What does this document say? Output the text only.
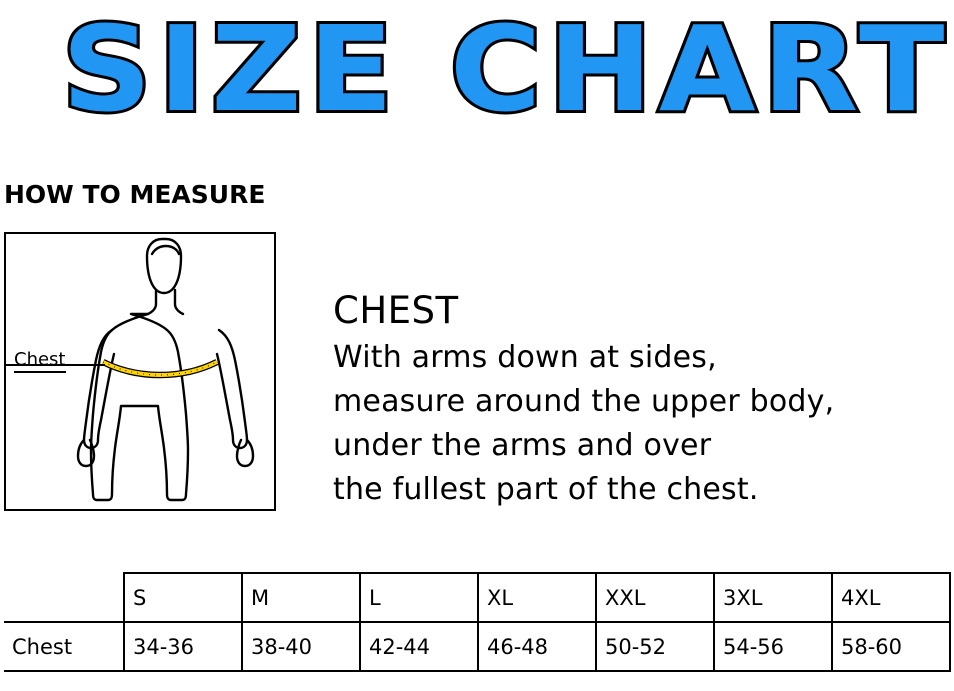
SIZE CHART
HOW TO MEASURE
Chest
CHEST
With arms down at sides,
measure around the upper body,
under the arms and over
the fullest part of the chest.
	S	M	L	XL	XXL	3XL	4XL
Chest	34-36	38-40	42-44	46-48	50-52	54-56	58-60
